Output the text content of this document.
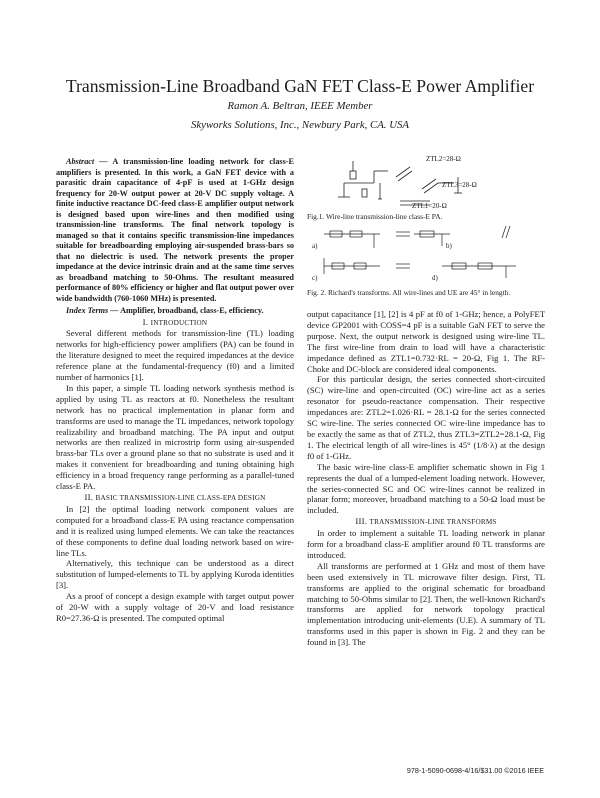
Transmission-Line Broadband GaN FET Class-E Power Amplifier
Ramon A. Beltran, IEEE Member
Skyworks Solutions, Inc., Newbury Park, CA. USA

Abstract — A transmission-line loading network for class-E amplifiers is presented. In this work, a GaN FET device with a parasitic drain capacitance of 4-pF is used at 1-GHz design frequency for 20-W output power at 20-V DC supply voltage. A finite inductive reactance DC-feed class-E amplifier output network is designed based upon wire-lines and then modified using transmission-line transforms. The final network topology is managed so that it contains specific transmission-line impedances suitable for breadboarding employing air-suspended brass-bars so that no dielectric is used. The network presents the proper impedance at the device intrinsic drain and at the same time serves as broadband matching to 50-Ohms. The resultant measured performance of 80% efficiency or higher and flat output power over wide bandwidth (760-1060 MHz) is presented.

Index Terms — Amplifier, broadband, class-E, efficiency.

I. INTRODUCTION

Several different methods for transmission-line (TL) loading networks for high-efficiency power amplifiers (PA) can be found in the literature designed to meet the required impedances at the device reference plane at the fundamental-frequency (f0) and a limited number of harmonics [1].

In this paper, a simple TL loading network synthesis method is applied by using TL as reactors at f0. Nonetheless the resultant network has no practical implementation in planar form and transforms are used to manage the TL impedances, network topology realizability and broadband matching. The PA input and output networks are then realized in microstrip form using air-suspended brass-bar TLs over a ground plane so that no substrate is used and it makes it convenient for breadboarding and tuning obtaining high efficiency in a broad frequency range performing as a parallel-tuned class-E PA.

II. BASIC TRANSMISSION-LINE CLASS-EPA DESIGN

In [2] the optimal loading network component values are computed for a broadband class-E PA using reactance compensation and it is realized using lumped elements. We can take the reactances of these components to define dual loading network based on wire-line TLs.

Alternatively, this technique can be understood as a direct substitution of lumped-elements to TL by applying Kuroda identities [3].

As a proof of concept a design example with target output power of 20-W with a supply voltage of 20-V and load resistance R0=27.36-Ω is presented. The computed optimal

ZTL2=28-Ω
ZTL3=28-Ω
ZTL1=20-Ω
Fig.1. Wire-line transmission-line class-E PA.
a)	b)
c)	d)
Fig. 2. Richard's transforms. All wire-lines and UE are 45° in length.

output capacitance [1], [2] is 4 pF at f0 of 1-GHz; hence, a PolyFET device GP2001 with COSS=4 pF is a suitable GaN FET to serve the purpose. Next, the output network is designed using wire-line TL. The first wire-line from drain to load will have a characteristic impedance defined as ZTL1=0.732·RL = 20-Ω, Fig 1. The RF-Choke and DC-block are considered ideal components.

For this particular design, the series connected short-circuited (SC) wire-line and open-circuited (OC) wire-line act as a series resonator for pseudo-reactance compensation. Their respective impedances are: ZTL2=1.026·RL = 28.1-Ω for the series connected SC wire-line. The series connected OC wire-line impedance has to be exactly the same as that of ZTL2, thus ZTL3=ZTL2=28.1-Ω, Fig 1. The electrical length of all wire-lines is 45° (1/8·λ) at the design f0 of 1-GHz.

The basic wire-line class-E amplifier schematic shown in Fig 1 represents the dual of a lumped-element loading network. However, the series-connected SC and OC wire-lines cannot be realized in planar form; moreover, broadband matching to a 50-Ω load must be included.

III. TRANSMISSION-LINE TRANSFORMS

In order to implement a suitable TL loading network in planar form for a broadband class-E amplifier around f0 TL transforms are introduced.

All transforms are performed at 1 GHz and most of them have been used extensively in TL microwave filter design. First, TL transforms are applied to the original schematic for broadband matching to 50-Ohms similar to [2]. Then, the well-known Richard's transforms are applied for network topology practical implementation introducing unit-elements (U.E). A summary of TL transforms used in this paper is shown in Fig. 2 and they can be found in [3]. The

978-1-5090-0698-4/16/$31.00 ©2016 IEEE
